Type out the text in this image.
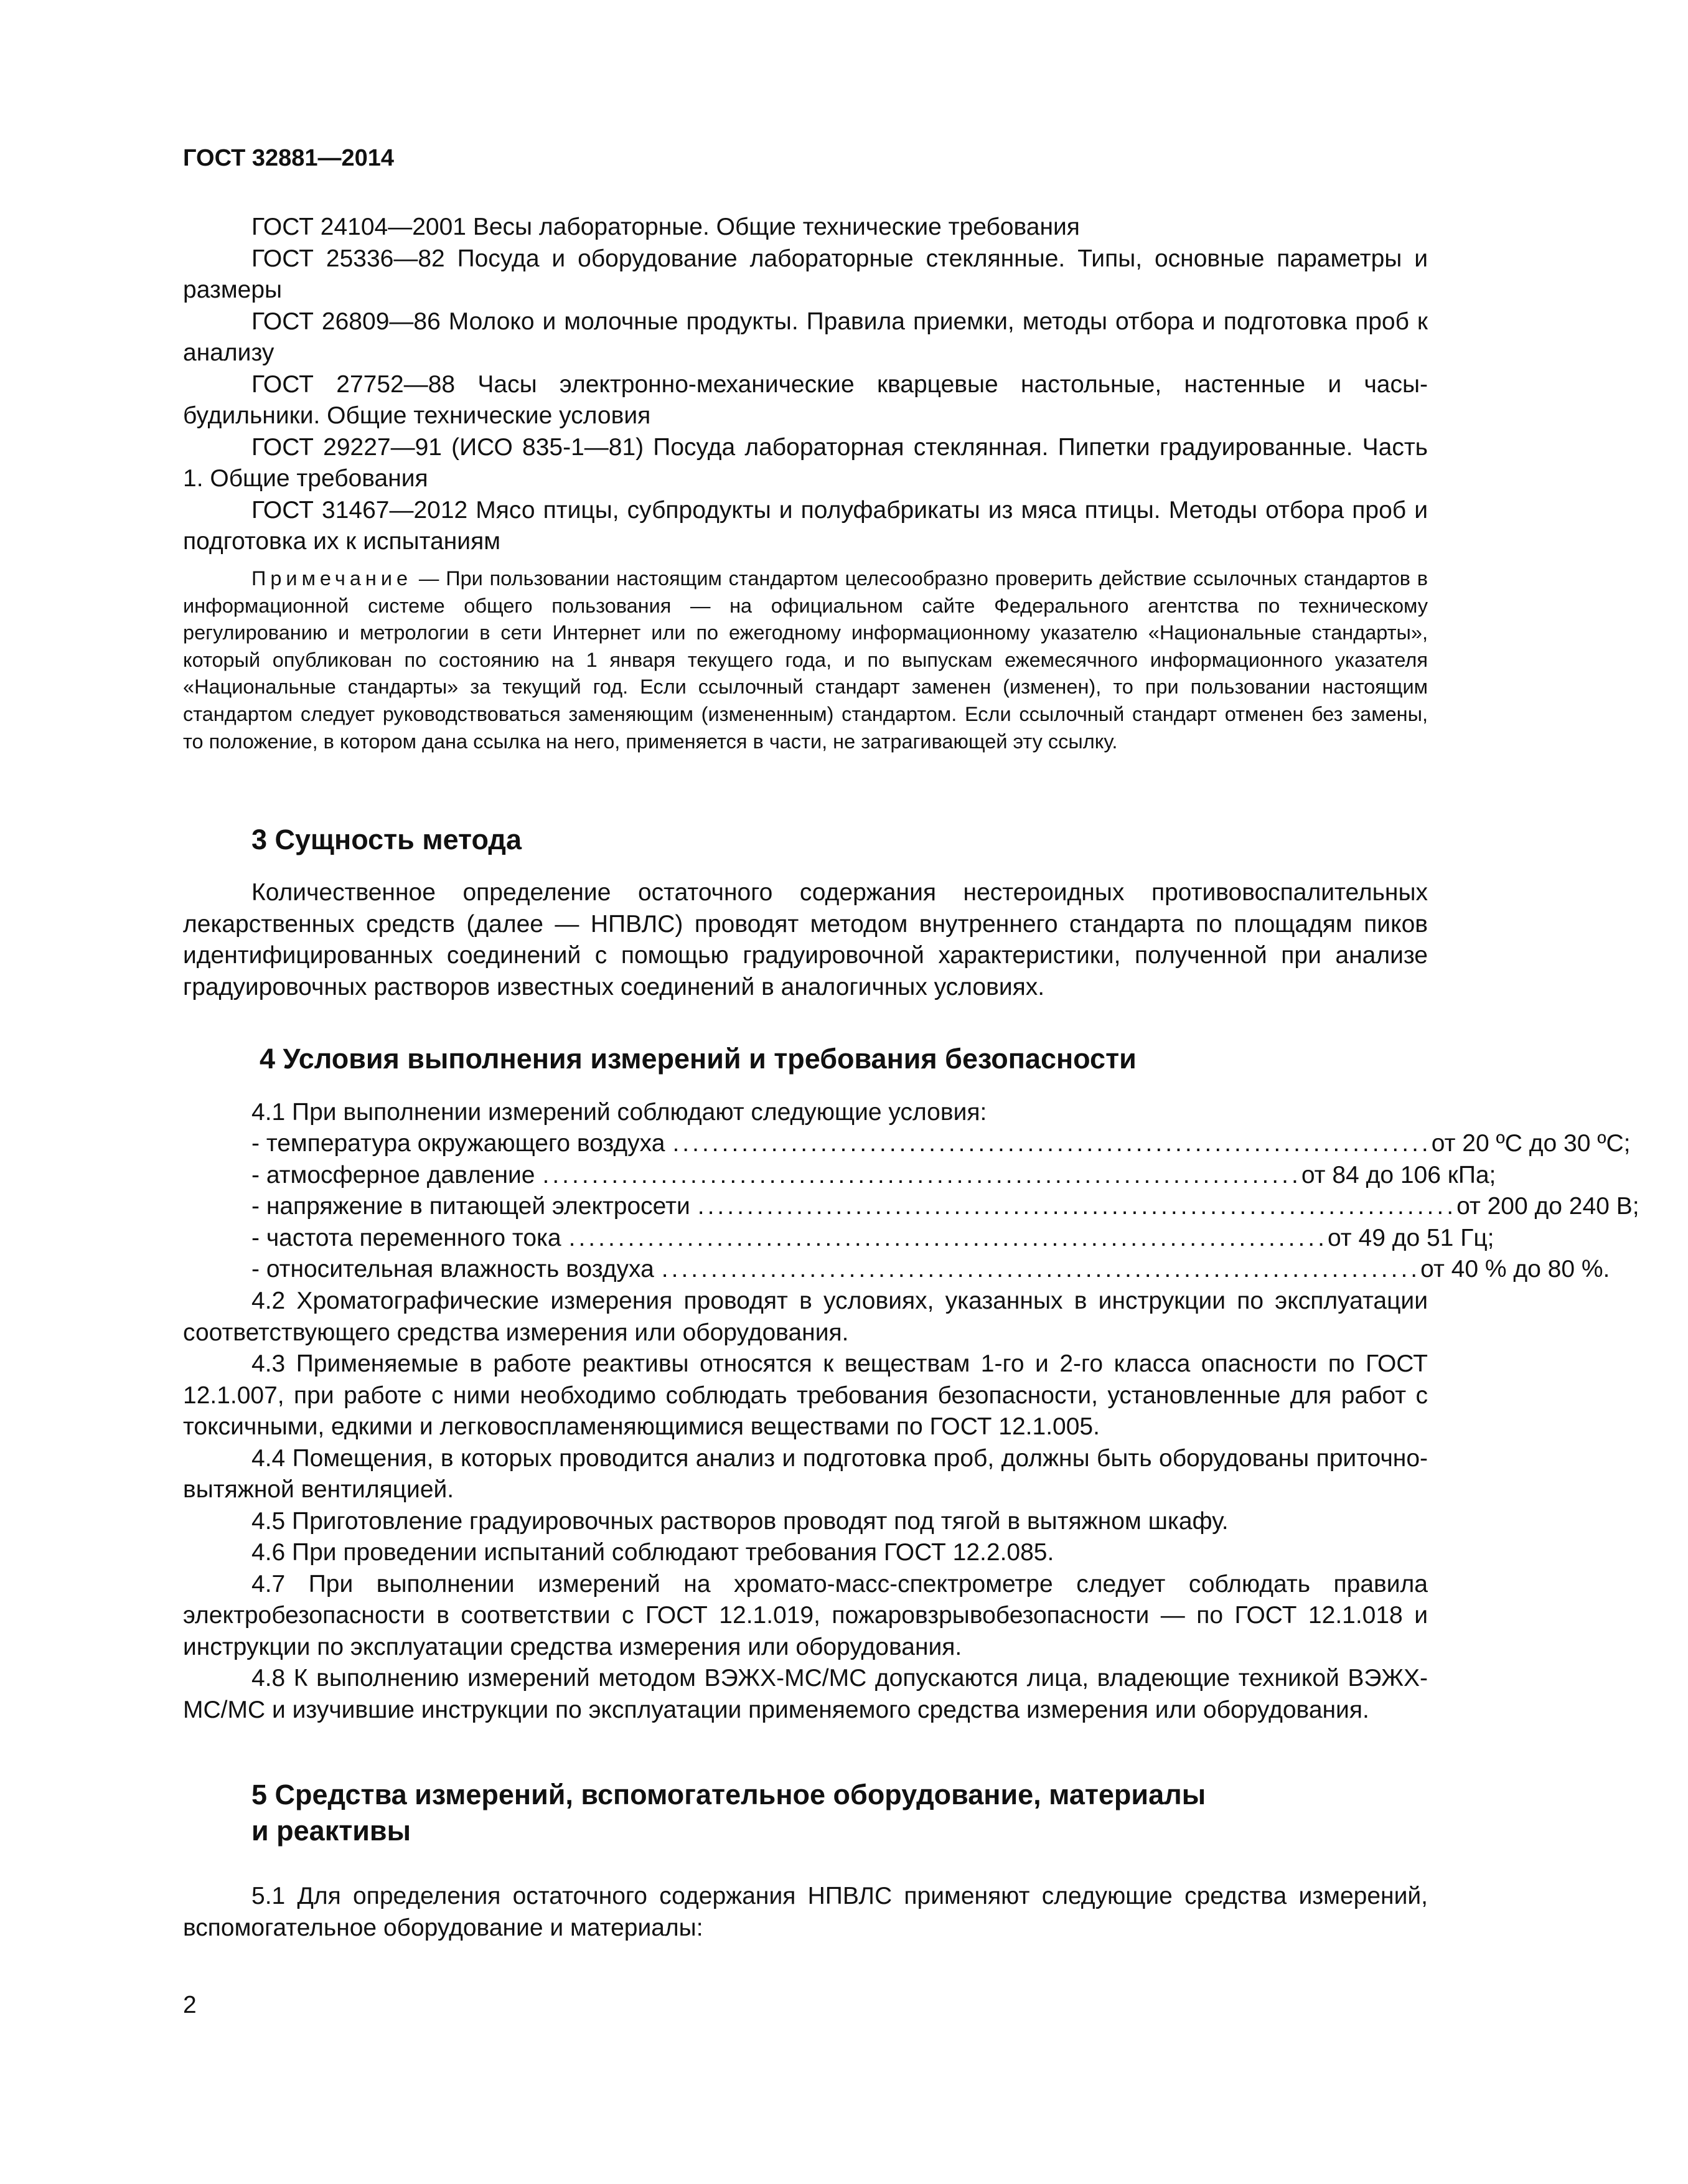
ГОСТ 32881—2014

ГОСТ 24104—2001 Весы лабораторные. Общие технические требования

ГОСТ 25336—82 Посуда и оборудование лабораторные стеклянные. Типы, основные параметры и размеры

ГОСТ 26809—86 Молоко и молочные продукты. Правила приемки, методы отбора и подготовка проб к анализу

ГОСТ 27752—88 Часы электронно-механические кварцевые настольные, настенные и часы-будильники. Общие технические условия

ГОСТ 29227—91 (ИСО 835-1—81) Посуда лабораторная стеклянная. Пипетки градуированные. Часть 1. Общие требования

ГОСТ 31467—2012 Мясо птицы, субпродукты и полуфабрикаты из мяса птицы. Методы отбора проб и подготовка их к испытаниям

Примечание — При пользовании настоящим стандартом целесообразно проверить действие ссылочных стандартов в информационной системе общего пользования — на официальном сайте Федерального агентства по техническому регулированию и метрологии в сети Интернет или по ежегодному информационному указателю «Национальные стандарты», который опубликован по состоянию на 1 января текущего года, и по выпускам ежемесячного информационного указателя «Национальные стандарты» за текущий год. Если ссылочный стандарт заменен (изменен), то при пользовании настоящим стандартом следует руководствоваться заменяющим (измененным) стандартом. Если ссылочный стандарт отменен без замены, то положение, в котором дана ссылка на него, применяется в части, не затрагивающей эту ссылку.

3 Сущность метода

Количественное определение остаточного содержания нестероидных противовоспалительных лекарственных средств (далее — НПВЛС) проводят методом внутреннего стандарта по площадям пиков идентифицированных соединений с помощью градуировочной характеристики, полученной при анализе градуировочных растворов известных соединений в аналогичных условиях.

4 Условия выполнения измерений и требования безопасности
4.1 При выполнении измерений соблюдают следующие условия:
- температура окружающего воздуха ............................................................................. от 20 ºС до 30 ºС;
- атмосферное давление ............................................................................. от 84 до 106 кПа;
- напряжение в питающей электросети ............................................................................. от 200 до 240 В;
- частота переменного тока ............................................................................. от 49 до 51 Гц;
- относительная влажность воздуха ............................................................................. от 40 % до 80 %.

4.2 Хроматографические измерения проводят в условиях, указанных в инструкции по эксплуатации соответствующего средства измерения или оборудования.

4.3 Применяемые в работе реактивы относятся к веществам 1-го и 2-го класса опасности по ГОСТ 12.1.007, при работе с ними необходимо соблюдать требования безопасности, установленные для работ с токсичными, едкими и легковоспламеняющимися веществами по ГОСТ 12.1.005.

4.4 Помещения, в которых проводится анализ и подготовка проб, должны быть оборудованы приточно-вытяжной вентиляцией.

4.5 Приготовление градуировочных растворов проводят под тягой в вытяжном шкафу.

4.6 При проведении испытаний соблюдают требования ГОСТ 12.2.085.

4.7 При выполнении измерений на хромато-масс-спектрометре следует соблюдать правила электробезопасности в соответствии с ГОСТ 12.1.019, пожаровзрывобезопасности — по ГОСТ 12.1.018 и инструкции по эксплуатации средства измерения или оборудования.

4.8 К выполнению измерений методом ВЭЖХ-МС/МС допускаются лица, владеющие техникой ВЭЖХ-МС/МС и изучившие инструкции по эксплуатации применяемого средства измерения или оборудования.

5 Средства измерений, вспомогательное оборудование, материалы
и реактивы

5.1 Для определения остаточного содержания НПВЛС применяют следующие средства измерений, вспомогательное оборудование и материалы:

2
